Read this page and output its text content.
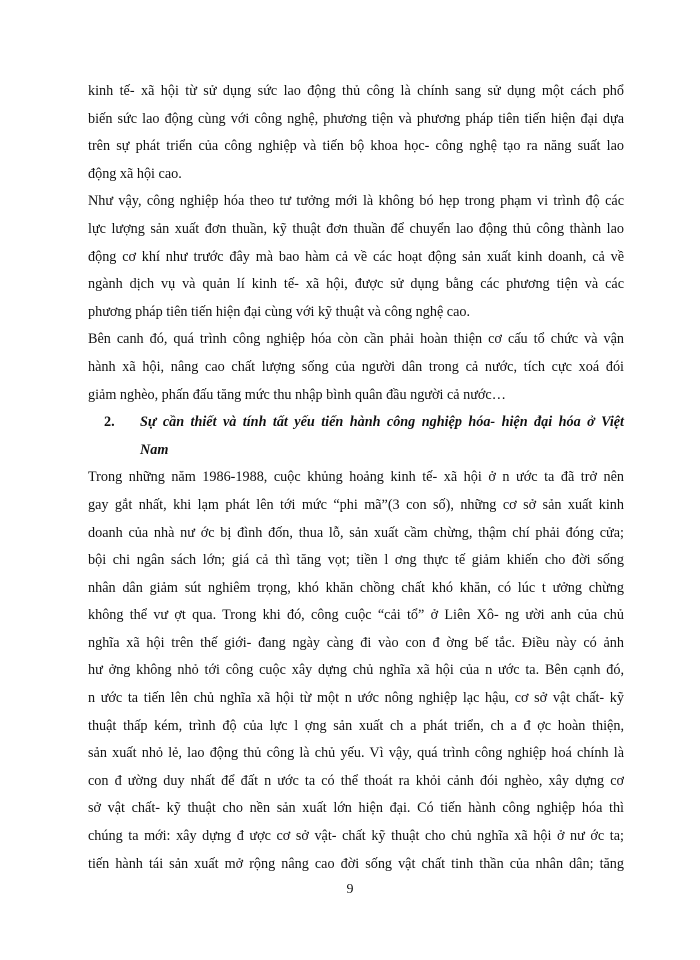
kinh tế- xã hội từ sử dụng sức lao động thủ công là chính sang sử dụng một cách phổ
biến sức lao động cùng với công nghệ, phương tiện và phương pháp tiên tiến hiện đại dựa
trên sự phát triển của công nghiệp và tiến bộ khoa học- công nghệ tạo ra năng suất lao
động xã hội cao.

Như vậy, công nghiệp hóa theo tư tưởng mới là không bó hẹp trong phạm vi trình độ các
lực lượng sản xuất đơn thuần, kỹ thuật đơn thuần để chuyển lao động thủ công thành lao
động cơ khí như trước đây mà bao hàm cả về các hoạt động sản xuất kinh doanh, cả về
ngành dịch vụ và quản lí kinh tế- xã hội, được sử dụng bằng các phương tiện và các
phương pháp tiên tiến hiện đại cùng với kỹ thuật và công nghệ cao.

Bên canh đó, quá trình công nghiệp hóa còn cần phải hoàn thiện cơ cấu tổ chức và vận
hành xã hội, nâng cao chất lượng sống của người dân trong cả nước, tích cực xoá đói
giảm nghèo, phấn đấu tăng mức thu nhập bình quân đầu người cả nước…

2.	Sự cần thiết và tính tất yếu tiến hành công nghiệp hóa- hiện đại hóa ở Việt
Nam

Trong những năm 1986-1988, cuộc khủng hoảng kinh tế- xã hội ở n ước ta đã trở nên
gay gắt nhất, khi lạm phát lên tới mức “phi mã”(3 con số), những cơ sở sản xuất kinh
doanh của nhà nư ớc bị đình đốn, thua lỗ, sản xuất cầm chừng, thậm chí phải đóng cửa;
bội chi ngân sách lớn; giá cả thì tăng vọt; tiền l ơng thực tế giảm khiến cho đời sống
nhân dân giảm sút nghiêm trọng, khó khăn chồng chất khó khăn, có lúc t ưởng chừng
không thể vư ợt qua. Trong khi đó, công cuộc “cải tổ” ở Liên Xô- ng ười anh của chủ
nghĩa xã hội trên thế giới- đang ngày càng đi vào con đ ờng bế tắc. Điều này có ảnh
hư ởng không nhỏ tới công cuộc xây dựng chủ nghĩa xã hội của n ước ta. Bên cạnh đó,
n ước ta tiến lên chủ nghĩa xã hội từ một n ước nông nghiệp lạc hậu, cơ sở vật chất- kỹ
thuật thấp kém, trình độ của lực l ợng sản xuất ch a phát triển, ch a đ ợc hoàn thiện,
sản xuất nhỏ lẻ, lao động thủ công là chủ yếu. Vì vậy, quá trình công nghiệp hoá chính là
con đ ường duy nhất để đất n ước ta có thể thoát ra khỏi cảnh đói nghèo, xây dựng cơ
sở vật chất- kỹ thuật cho nền sản xuất lớn hiện đại. Có tiến hành công nghiệp hóa thì
chúng ta mới: xây dựng đ ược cơ sở vật- chất kỹ thuật cho chủ nghĩa xã hội ở nư ớc ta;
tiến hành tái sản xuất mở rộng nâng cao đời sống vật chất tinh thần của nhân dân; tăng

9
